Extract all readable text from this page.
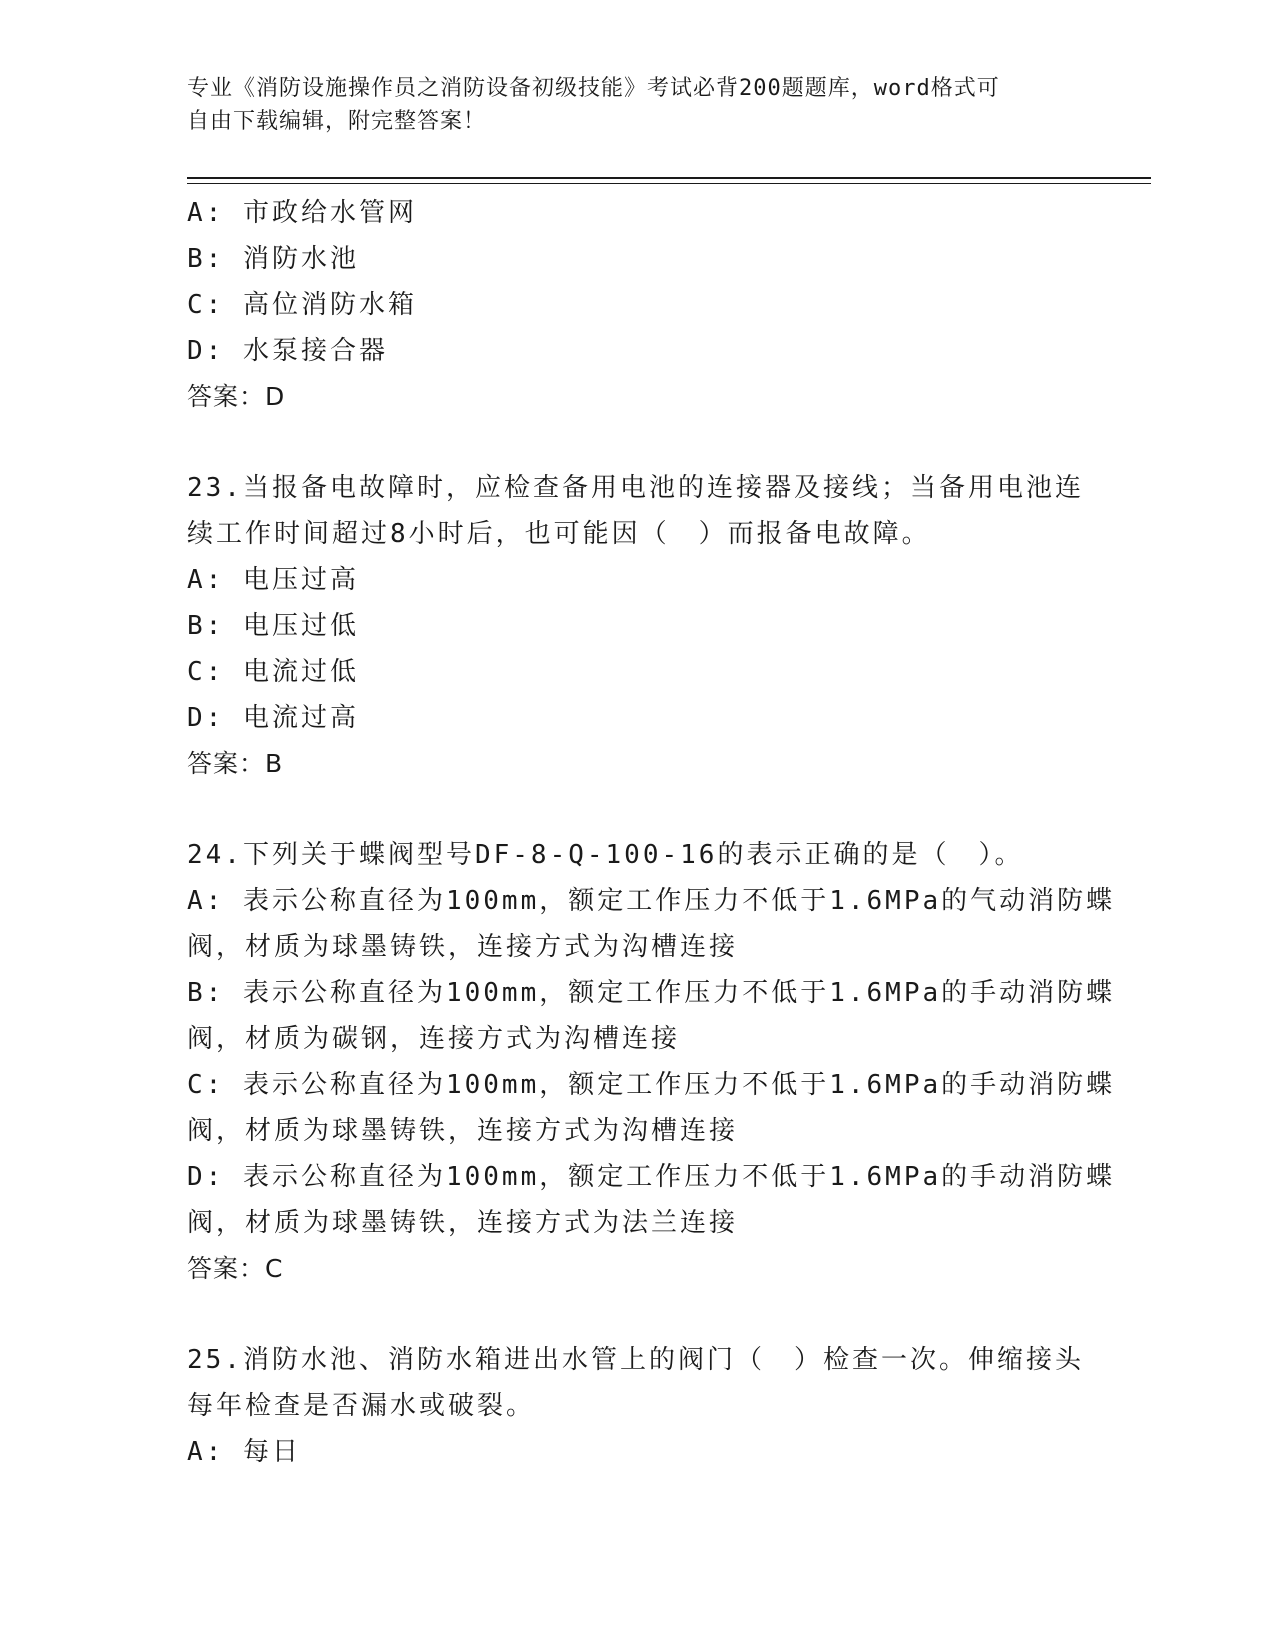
专业《消防设施操作员之消防设备初级技能》考试必背200题题库，word格式可
自由下载编辑，附完整答案！
A: 市政给水管网
B: 消防水池
C: 高位消防水箱
D: 水泵接合器
答案：D
23.当报备电故障时，应检查备用电池的连接器及接线；当备用电池连
续工作时间超过8小时后，也可能因（　）而报备电故障。
A: 电压过高
B: 电压过低
C: 电流过低
D: 电流过高
答案：B
24.下列关于蝶阀型号DF-8-Q-100-16的表示正确的是（　）。
A: 表示公称直径为100mm，额定工作压力不低于1.6MPa的气动消防蝶
阀，材质为球墨铸铁，连接方式为沟槽连接
B: 表示公称直径为100mm，额定工作压力不低于1.6MPa的手动消防蝶
阀，材质为碳钢，连接方式为沟槽连接
C: 表示公称直径为100mm，额定工作压力不低于1.6MPa的手动消防蝶
阀，材质为球墨铸铁，连接方式为沟槽连接
D: 表示公称直径为100mm，额定工作压力不低于1.6MPa的手动消防蝶
阀，材质为球墨铸铁，连接方式为法兰连接
答案：C
25.消防水池、消防水箱进出水管上的阀门（　）检查一次。伸缩接头
每年检查是否漏水或破裂。
A: 每日
